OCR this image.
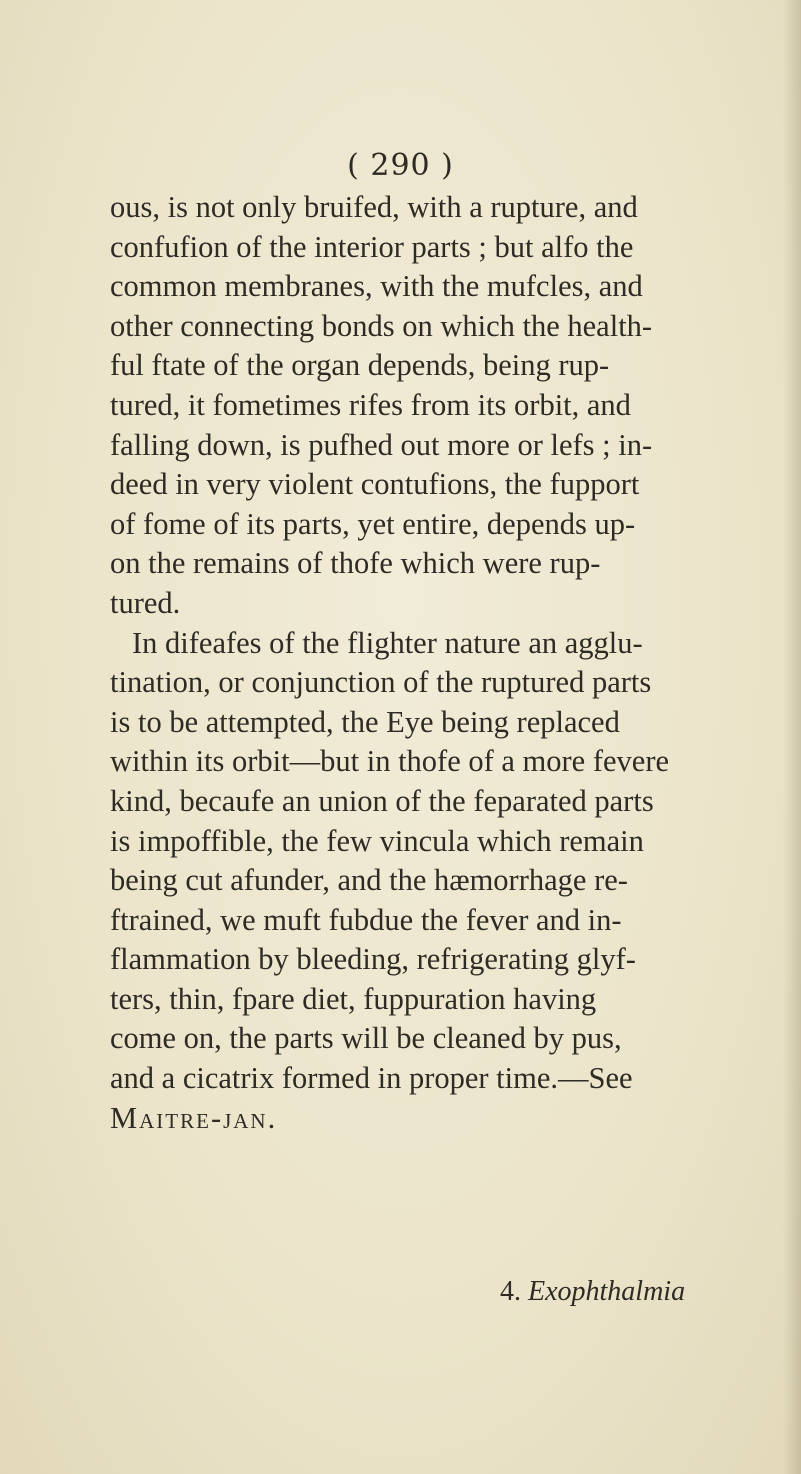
( 290 )
ous, is not only bruifed, with a rupture, and
confufion of the interior parts ; but alfo the
common membranes, with the mufcles, and
other connecting bonds on which the health-
ful ftate of the organ depends, being rup-
tured, it fometimes rifes from its orbit, and
falling down, is pufhed out more or lefs ; in-
deed in very violent contufions, the fupport
of fome of its parts, yet entire, depends up-
on the remains of thofe which were rup-
tured.
In difeafes of the flighter nature an agglu-
tination, or conjunction of the ruptured parts
is to be attempted, the Eye being replaced
within its orbit—but in thofe of a more fevere
kind, becaufe an union of the feparated parts
is impoffible, the few vincula which remain
being cut afunder, and the hæmorrhage re-
ftrained, we muft fubdue the fever and in-
flammation by bleeding, refrigerating glyf-
ters, thin, fpare diet, fuppuration having
come on, the parts will be cleaned by pus,
and a cicatrix formed in proper time.—See
Maitre-jan.
4. Exophthalmia
